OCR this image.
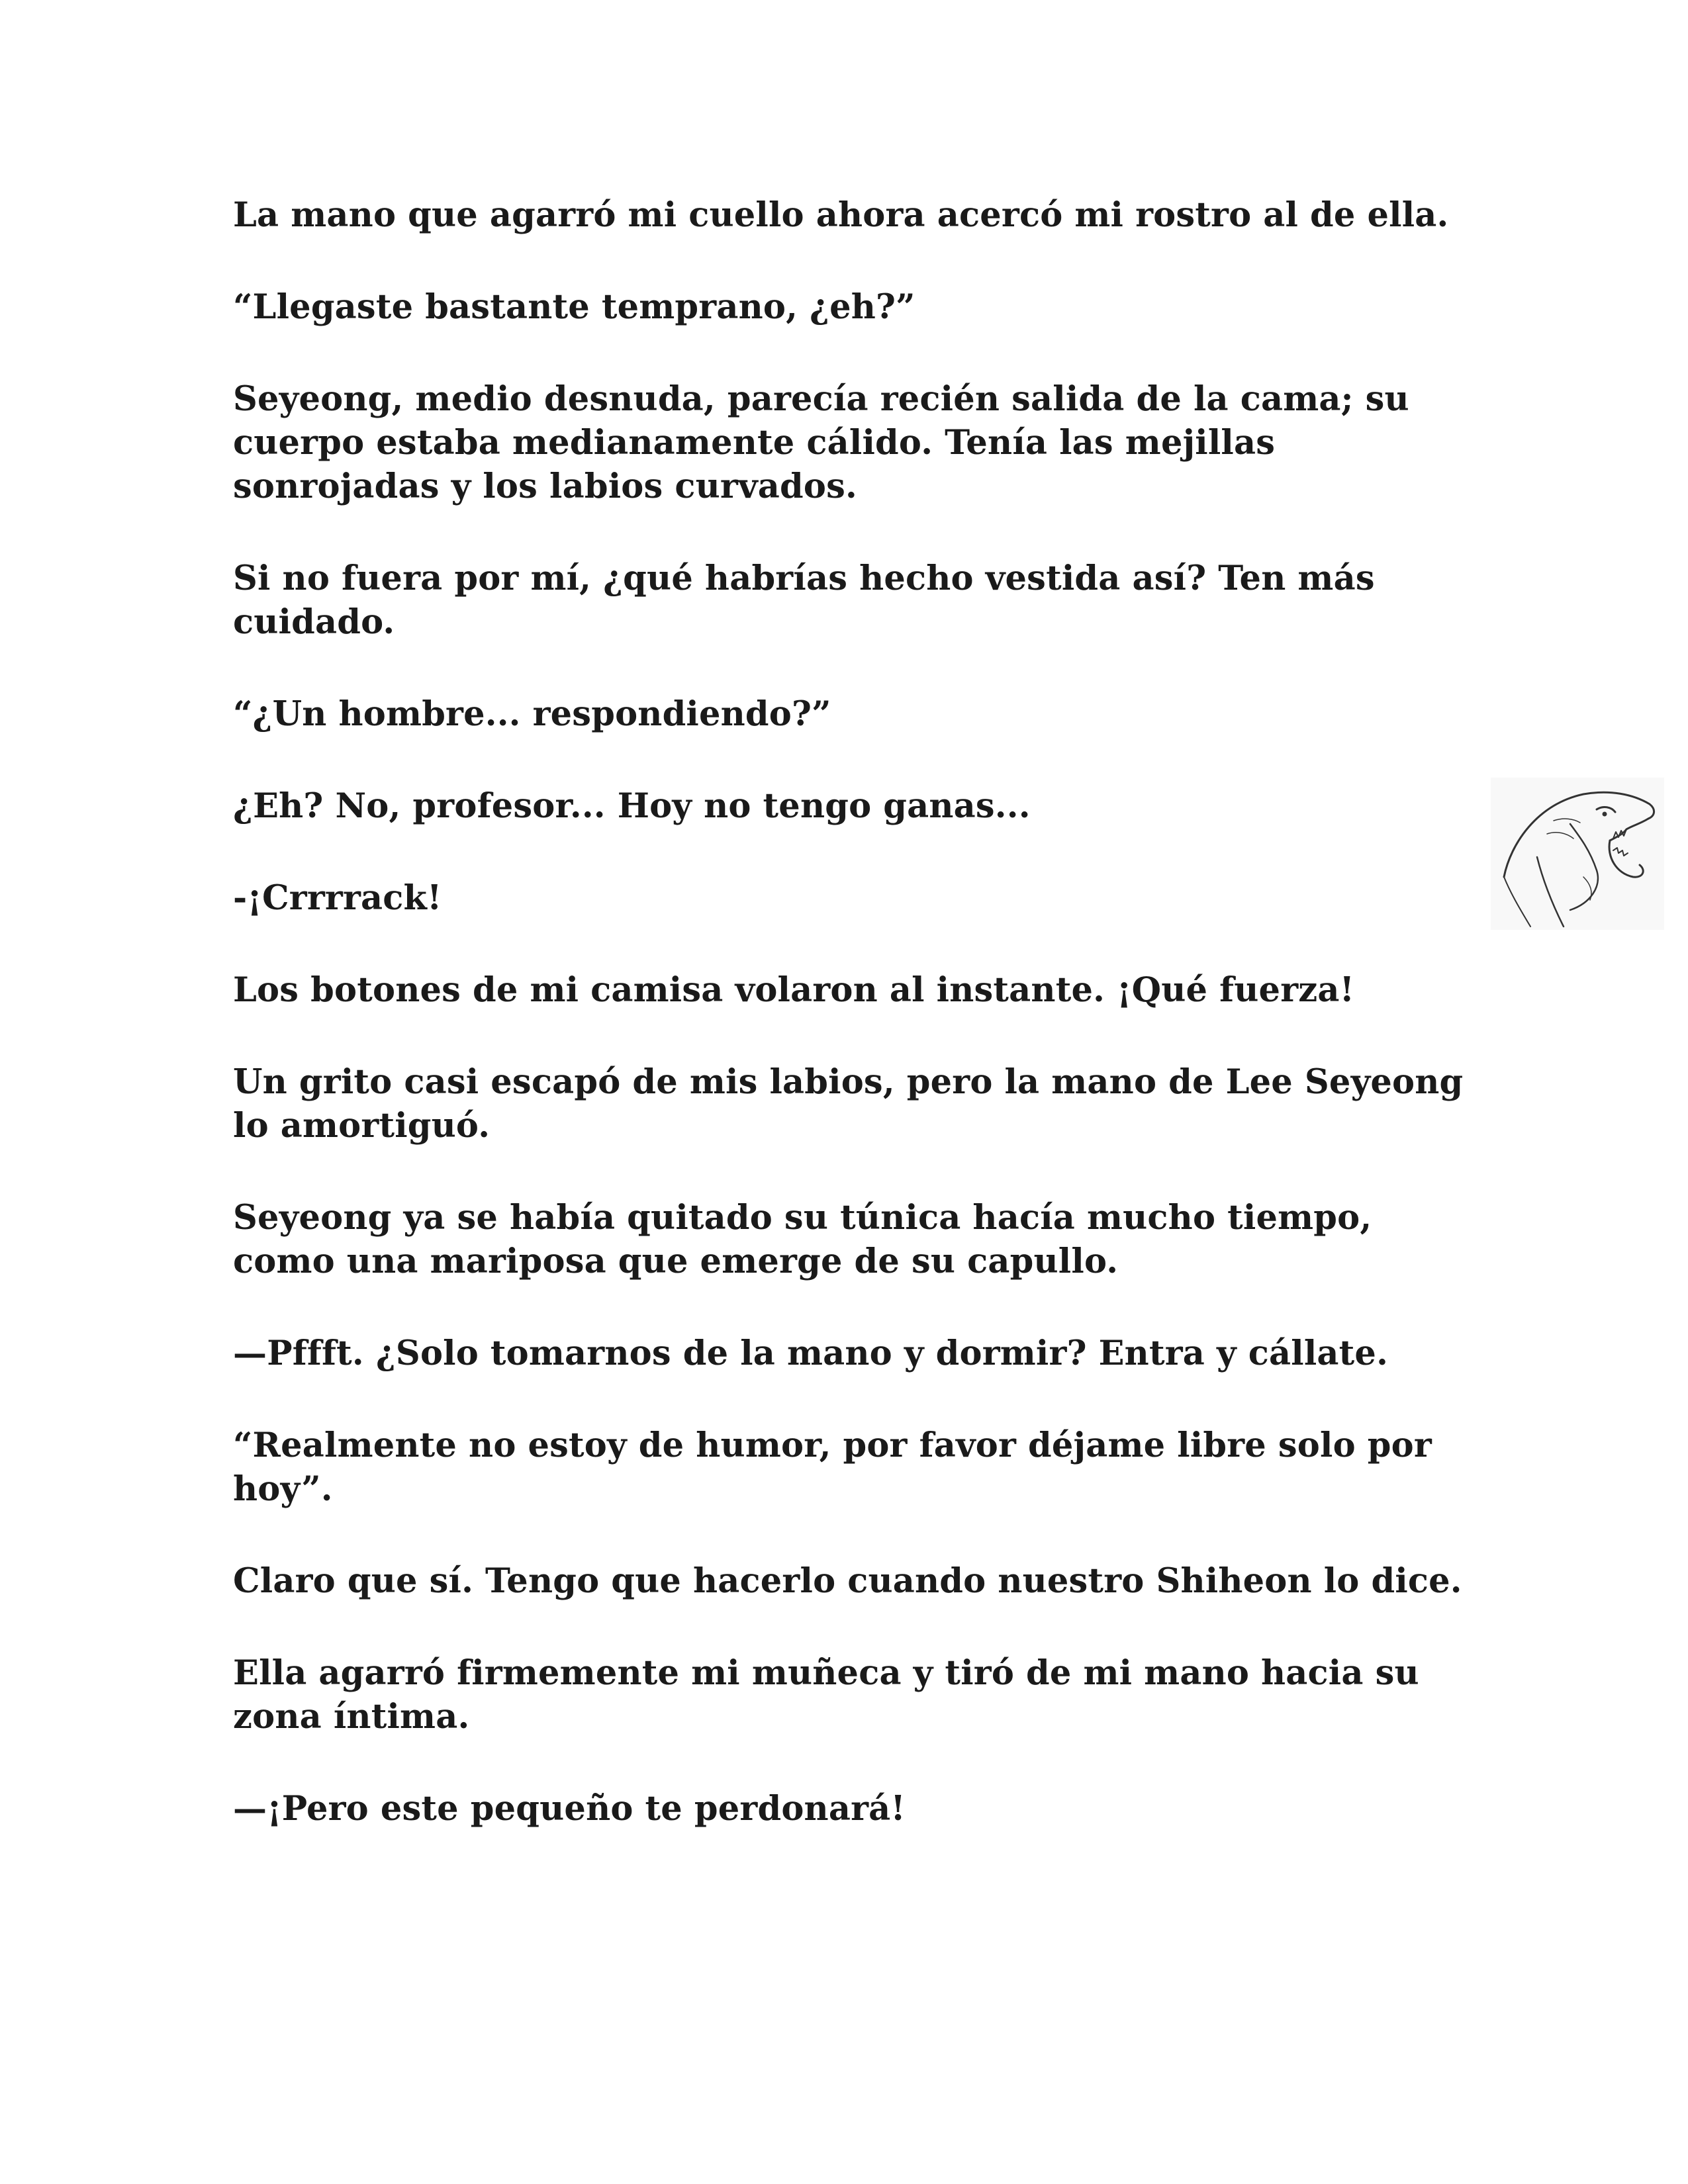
La mano que agarró mi cuello ahora acercó mi rostro al de ella.

“Llegaste bastante temprano, ¿eh?”

Seyeong, medio desnuda, parecía recién salida de la cama; su cuerpo estaba medianamente cálido. Tenía las mejillas sonrojadas y los labios curvados.

Si no fuera por mí, ¿qué habrías hecho vestida así? Ten más cuidado.

“¿Un hombre... respondiendo?”

¿Eh? No, profesor... Hoy no tengo ganas...

-¡Crrrrack!

Los botones de mi camisa volaron al instante. ¡Qué fuerza!

Un grito casi escapó de mis labios, pero la mano de Lee Seyeong lo amortiguó.

Seyeong ya se había quitado su túnica hacía mucho tiempo, como una mariposa que emerge de su capullo.

—Pffft. ¿Solo tomarnos de la mano y dormir? Entra y cállate.

“Realmente no estoy de humor, por favor déjame libre solo por hoy”.

Claro que sí. Tengo que hacerlo cuando nuestro Shiheon lo dice.

Ella agarró firmemente mi muñeca y tiró de mi mano hacia su zona íntima.

—¡Pero este pequeño te perdonará!
